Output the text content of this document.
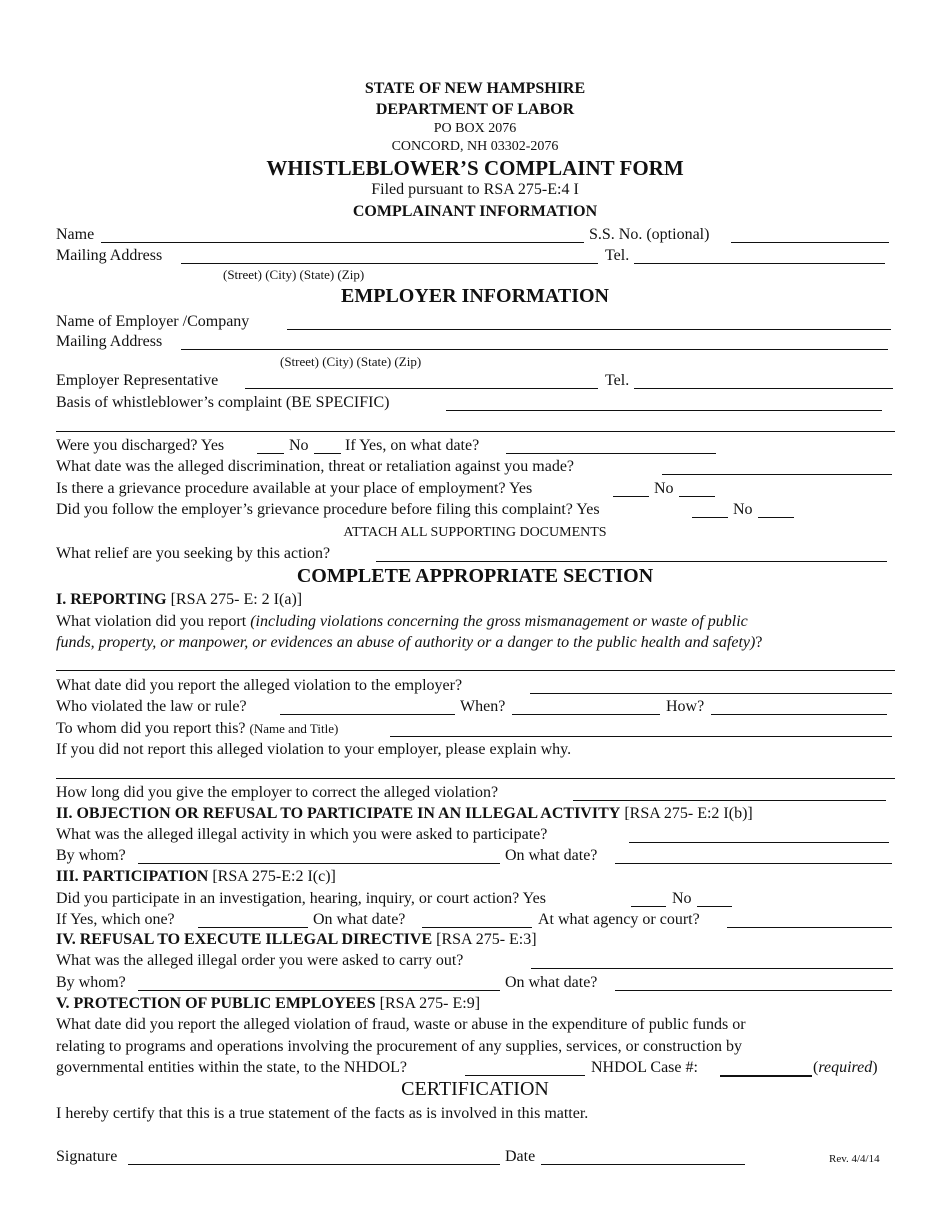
STATE OF NEW HAMPSHIRE
DEPARTMENT OF LABOR
PO BOX 2076
CONCORD, NH 03302-2076
WHISTLEBLOWER’S COMPLAINT FORM
Filed pursuant to RSA 275-E:4 I
COMPLAINANT INFORMATION
Name	S.S. No. (optional)
Mailing Address	Tel.
(Street) (City) (State) (Zip)
EMPLOYER INFORMATION
Name of Employer /Company
Mailing Address
(Street) (City) (State) (Zip)
Employer Representative	Tel.
Basis of whistleblower’s complaint (BE SPECIFIC)
Were you discharged? Yes	No If Yes, on what date?
What date was the alleged discrimination, threat or retaliation against you made?
Is there a grievance procedure available at your place of employment? Yes	No
Did you follow the employer’s grievance procedure before filing this complaint? Yes	No
ATTACH ALL SUPPORTING DOCUMENTS
What relief are you seeking by this action?
COMPLETE APPROPRIATE SECTION
I. REPORTING [RSA 275- E: 2 I(a)]
What violation did you report (including violations concerning the gross mismanagement or waste of public
funds, property, or manpower, or evidences an abuse of authority or a danger to the public health and safety)?
What date did you report the alleged violation to the employer?
Who violated the law or rule?	When?	How?
To whom did you report this? (Name and Title)
If you did not report this alleged violation to your employer, please explain why.
How long did you give the employer to correct the alleged violation?
II. OBJECTION OR REFUSAL TO PARTICIPATE IN AN ILLEGAL ACTIVITY [RSA 275- E:2 I(b)]
What was the alleged illegal activity in which you were asked to participate?
By whom?	On what date?
III. PARTICIPATION [RSA 275-E:2 I(c)]
Did you participate in an investigation, hearing, inquiry, or court action? Yes	No
If Yes, which one?	On what date?	At what agency or court?
IV. REFUSAL TO EXECUTE ILLEGAL DIRECTIVE [RSA 275- E:3]
What was the alleged illegal order you were asked to carry out?
By whom?	On what date?
V. PROTECTION OF PUBLIC EMPLOYEES [RSA 275- E:9]
What date did you report the alleged violation of fraud, waste or abuse in the expenditure of public funds or
relating to programs and operations involving the procurement of any supplies, services, or construction by
governmental entities within the state, to the NHDOL?	NHDOL Case #:	(required)
CERTIFICATION
I hereby certify that this is a true statement of the facts as is involved in this matter.
Signature	Date	Rev. 4/4/14
